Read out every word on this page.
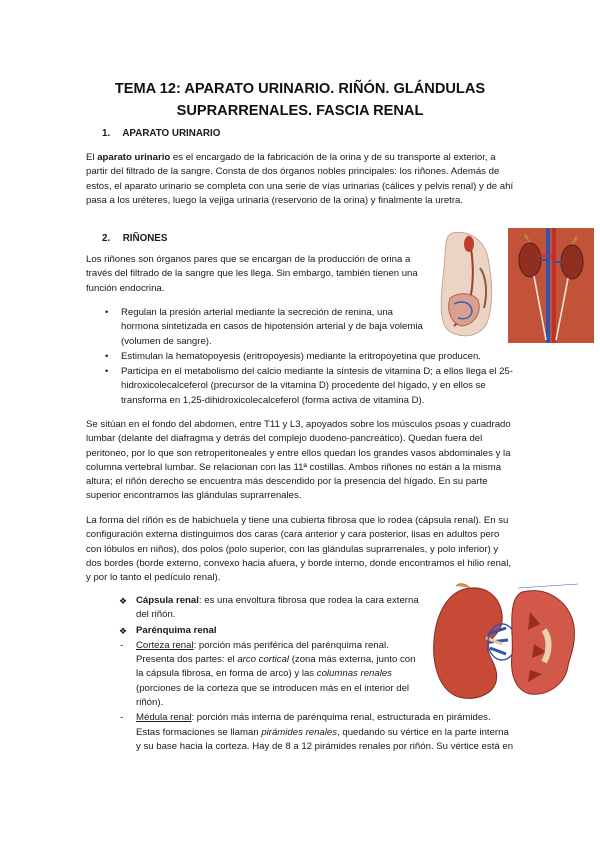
TEMA 12: APARATO URINARIO. RIÑÓN. GLÁNDULAS
SUPRARRENALES. FASCIA RENAL
1. APARATO URINARIO
El aparato urinario es el encargado de la fabricación de la orina y de su transporte al exterior, a partir del filtrado de la sangre. Consta de dos órganos nobles principales: los riñones. Además de estos, el aparato urinario se completa con una serie de vías urinarias (cálices y pelvis renal) y de ahí pasa a los uréteres, luego la vejiga urinaria (reservorio de la orina) y finalmente la uretra.
2. RIÑONES
Los riñones son órganos pares que se encargan de la producción de orina a través del filtrado de la sangre que les llega. Sin embargo, también tienen una función endocrina.
• Regulan la presión arterial mediante la secreción de renina, una hormona sintetizada en casos de hipotensión arterial y de baja volemia (volumen de sangre).
• Estimulan la hematopoyesis (eritropoyesis) mediante la eritropoyetina que producen.
• Participa en el metabolismo del calcio mediante la síntesis de vitamina D; a ellos llega el 25-hidroxicolecalceferol (precursor de la vitamina D) procedente del hígado, y en ellos se transforma en 1,25-dihidroxicolecalceferol (forma activa de vitamina D).
Se sitúan en el fondo del abdomen, entre T11 y L3, apoyados sobre los músculos psoas y cuadrado lumbar (delante del diafragma y detrás del complejo duodeno-pancreático). Quedan fuera del peritoneo, por lo que son retroperitoneales y entre ellos quedan los grandes vasos abdominales y la columna vertebral lumbar. Se relacionan con las 11ª costillas. Ambos riñones no están a la misma altura; el riñón derecho se encuentra más descendido por la presencia del hígado. En su parte superior encontramos las glándulas suprarrenales.
La forma del riñón es de habichuela y tiene una cubierta fibrosa que lo rodea (cápsula renal). En su configuración externa distinguimos dos caras (cara anterior y cara posterior, lisas en adultos pero con lóbulos en niños), dos polos (polo superior, con las glándulas suprarrenales, y polo inferior) y dos bordes (borde externo, convexo hacia afuera, y borde interno, donde encontramos el hilio renal, y por lo tanto el pedículo renal).
❖ Cápsula renal: es una envoltura fibrosa que rodea la cara externa del riñón.
❖ Parénquima renal
- Corteza renal: porción más periférica del parénquima renal. Presenta dos partes: el arco cortical (zona más externa, junto con la cápsula fibrosa, en forma de arco) y las columnas renales (porciones de la corteza que se introducen más en el interior del riñón).
- Médula renal: porción más interna de parénquima renal, estructurada en pirámides. Estas formaciones se llaman pirámides renales, quedando su vértice en la parte interna y su base hacia la corteza. Hay de 8 a 12 pirámides renales por riñón. Su vértice está en
